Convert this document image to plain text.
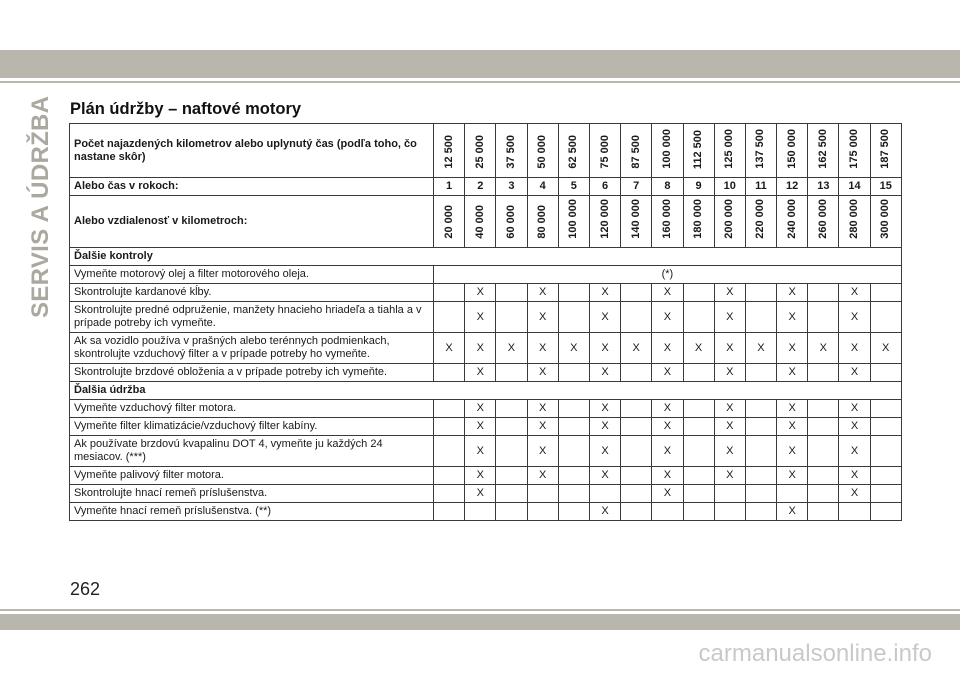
SERVIS A ÚDRŽBA Plán údržby – naftové motory
Počet najazdených kilometrov alebo uplynutý čas (podľa toho, čo nastane skôr)	12 500	25 000	37 500	50 000	62 500	75 000	87 500	100 000	112 500	125 000	137 500	150 000	162 500	175 000	187 500
Alebo čas v rokoch:	1	2	3	4	5	6	7	8	9	10	11	12	13	14	15
Alebo vzdialenosť v kilometroch:	20 000	40 000	60 000	80 000	100 000	120 000	140 000	160 000	180 000	200 000	220 000	240 000	260 000	280 000	300 000
Ďalšie kontroly															
Vymeňte motorový olej a filter motorového oleja.	(*)														
Skontrolujte kardanové kĺby.		X		X		X		X		X		X		X	
Skontrolujte predné odpruženie, manžety hnacieho hriadeľa a tiahla a v prípade potreby ich vymeňte.		X		X		X		X		X		X		X	
Ak sa vozidlo používa v prašných alebo terénnych podmienkach, skontrolujte vzduchový filter a v prípade potreby ho vymeňte.	X	X	X	X	X	X	X	X	X	X	X	X	X	X	X
Skontrolujte brzdové obloženia a v prípade potreby ich vymeňte.		X		X		X		X		X		X		X	
Ďalšia údržba															
Vymeňte vzduchový filter motora.		X		X		X		X		X		X		X	
Vymeňte filter klimatizácie/vzduchový filter kabíny.		X		X		X		X		X		X		X	
Ak používate brzdovú kvapalinu DOT 4, vymeňte ju každých 24 mesiacov. (***)		X		X		X		X		X		X		X	
Vymeňte palivový filter motora.		X		X		X		X		X		X		X	
Skontrolujte hnací remeň príslušenstva.		X						X						X	
Vymeňte hnací remeň príslušenstva. (**)						X						X			
262
carmanualsonline.info
